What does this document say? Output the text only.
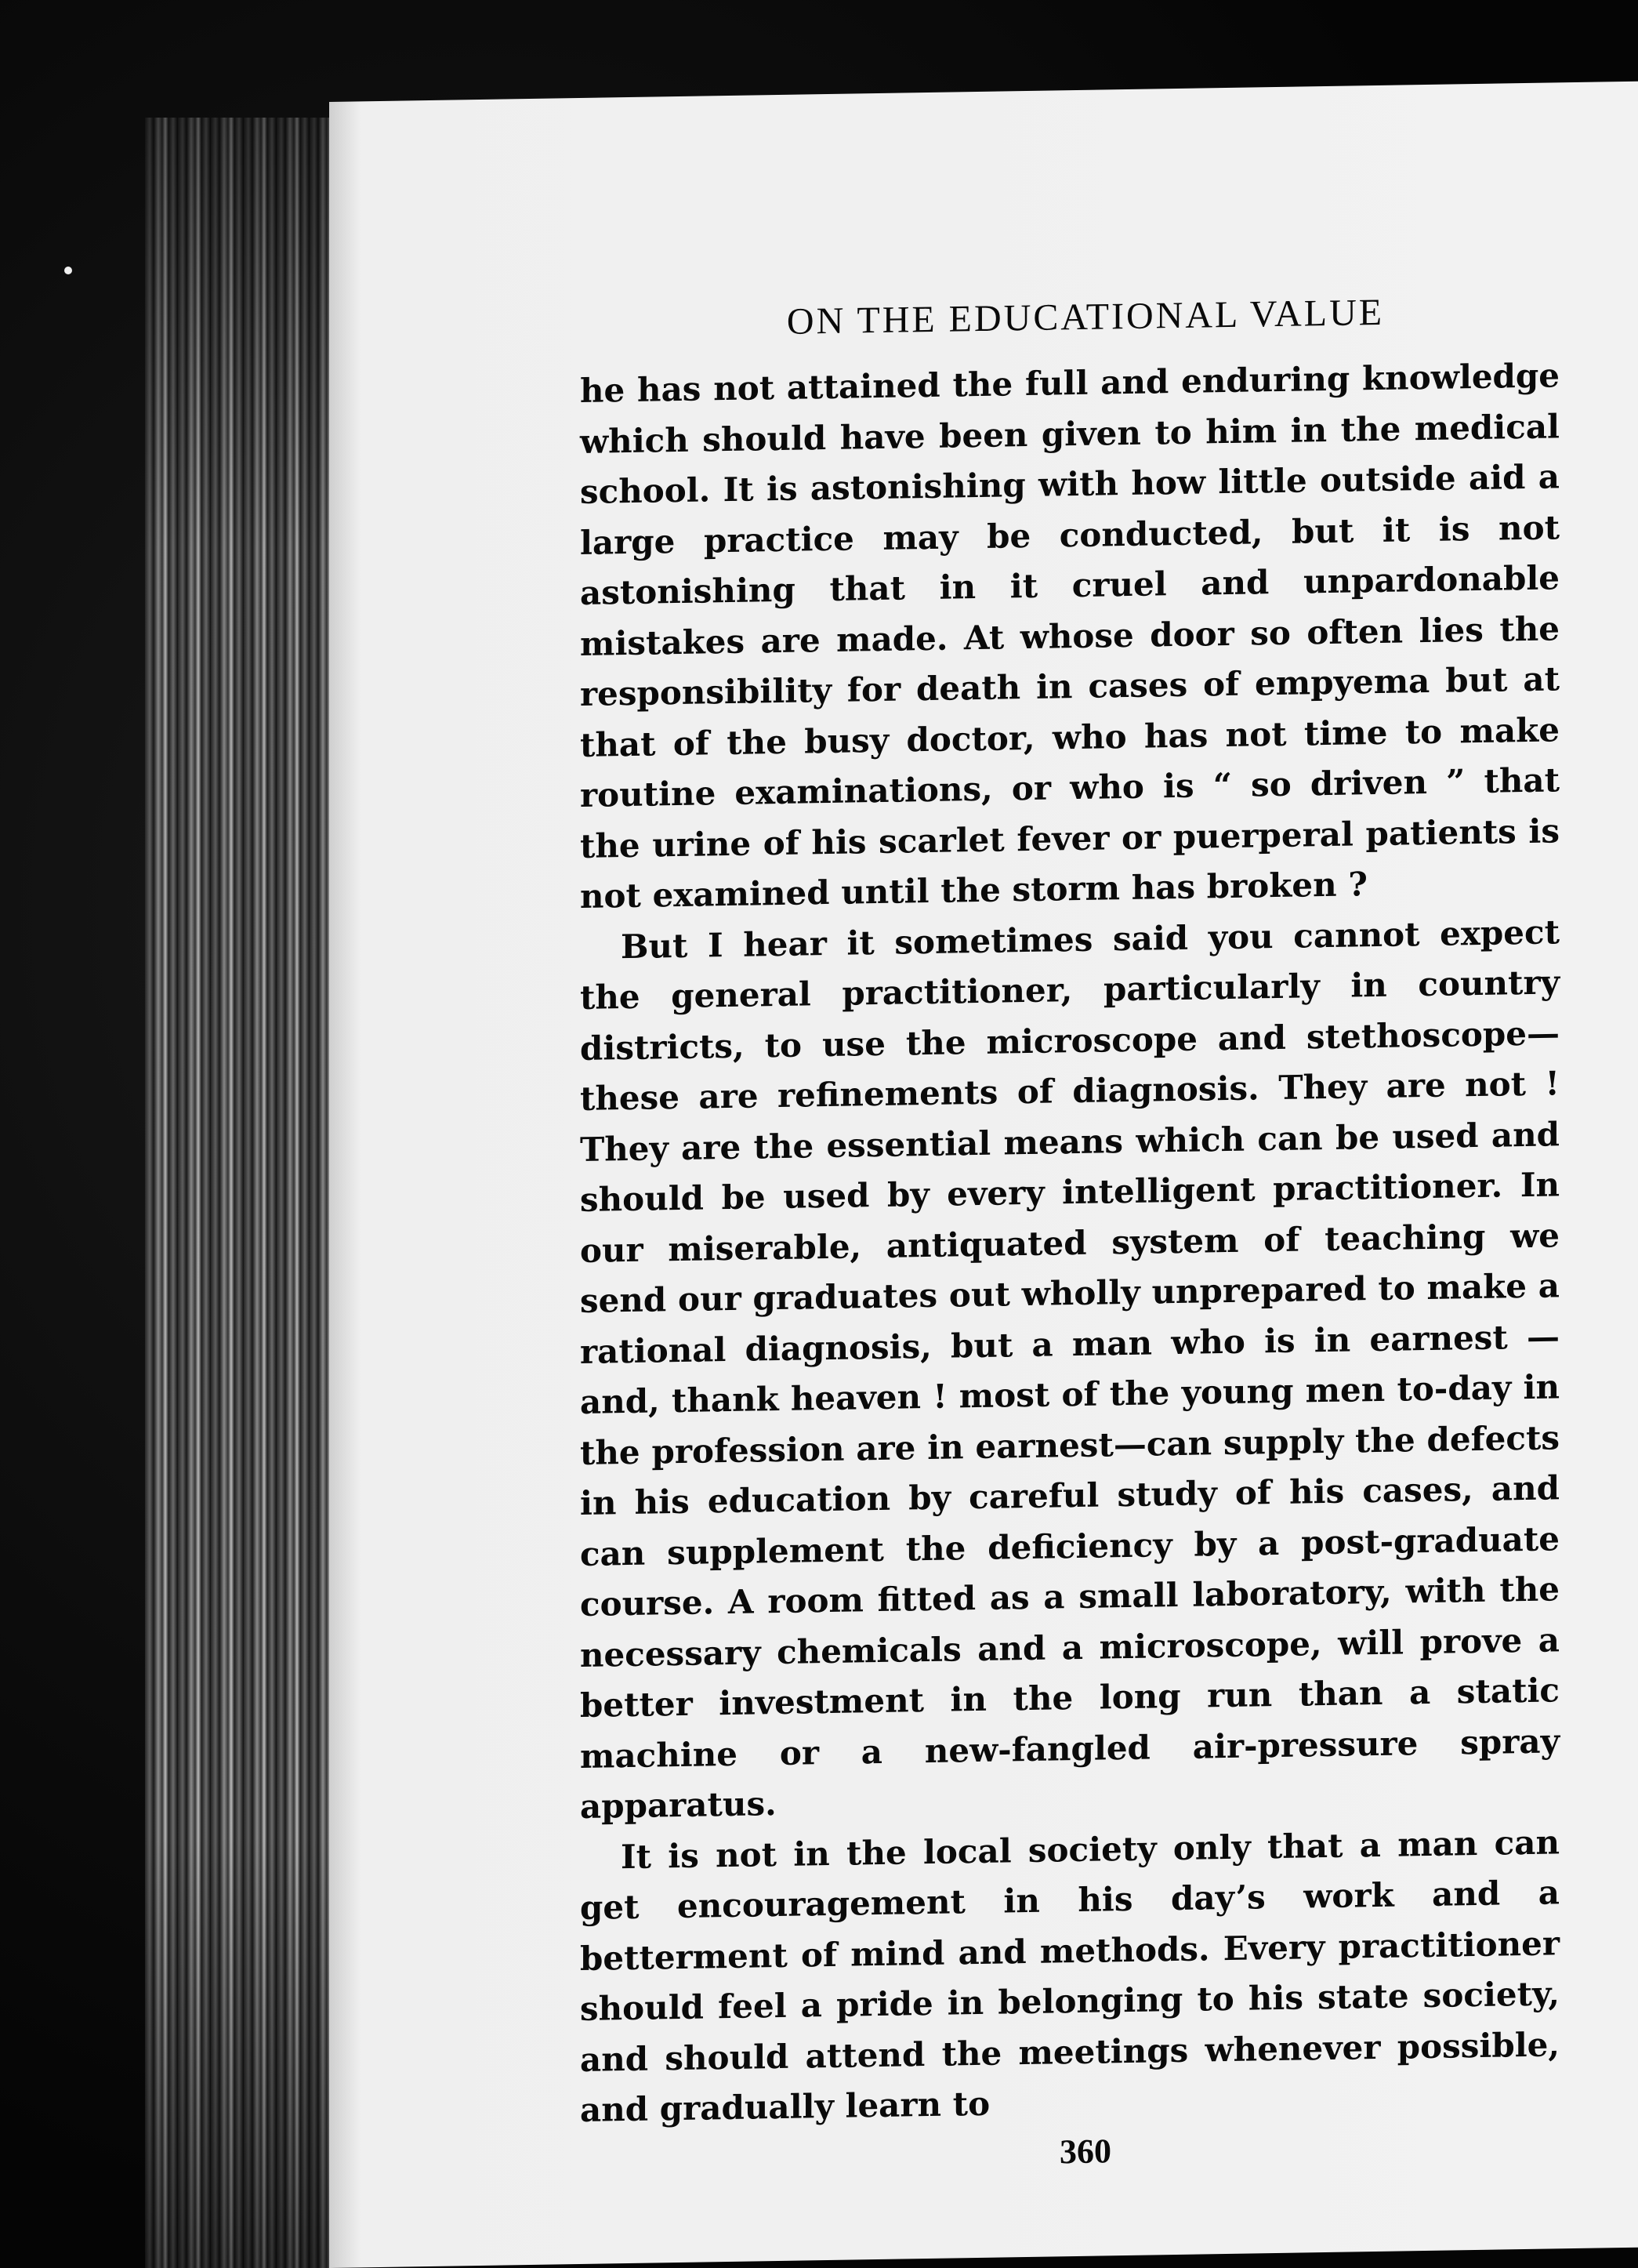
ON THE EDUCATIONAL VALUE

he has not attained the full and enduring knowledge which should have been given to him in the medical school. It is astonishing with how little outside aid a large practice may be conducted, but it is not astonishing that in it cruel and unpardonable mistakes are made. At whose door so often lies the responsibility for death in cases of empyema but at that of the busy doctor, who has not time to make routine examinations, or who is “ so driven ” that the urine of his scarlet fever or puerperal patients is not examined until the storm has broken ?

But I hear it sometimes said you cannot expect the general practitioner, particularly in country districts, to use the microscope and stethoscope—these are refinements of diagnosis. They are not ! They are the essential means which can be used and should be used by every intelligent practitioner. In our miserable, antiquated system of teaching we send our graduates out wholly unprepared to make a rational diagnosis, but a man who is in earnest —and, thank heaven ! most of the young men to-day in the profession are in earnest—can supply the defects in his education by careful study of his cases, and can supplement the deficiency by a post-graduate course. A room fitted as a small laboratory, with the necessary chemicals and a microscope, will prove a better investment in the long run than a static machine or a new-fangled air-pressure spray apparatus.

It is not in the local society only that a man can get encouragement in his day’s work and a betterment of mind and methods. Every practitioner should feel a pride in belonging to his state society, and should attend the meetings whenever possible, and gradually learn to

360
